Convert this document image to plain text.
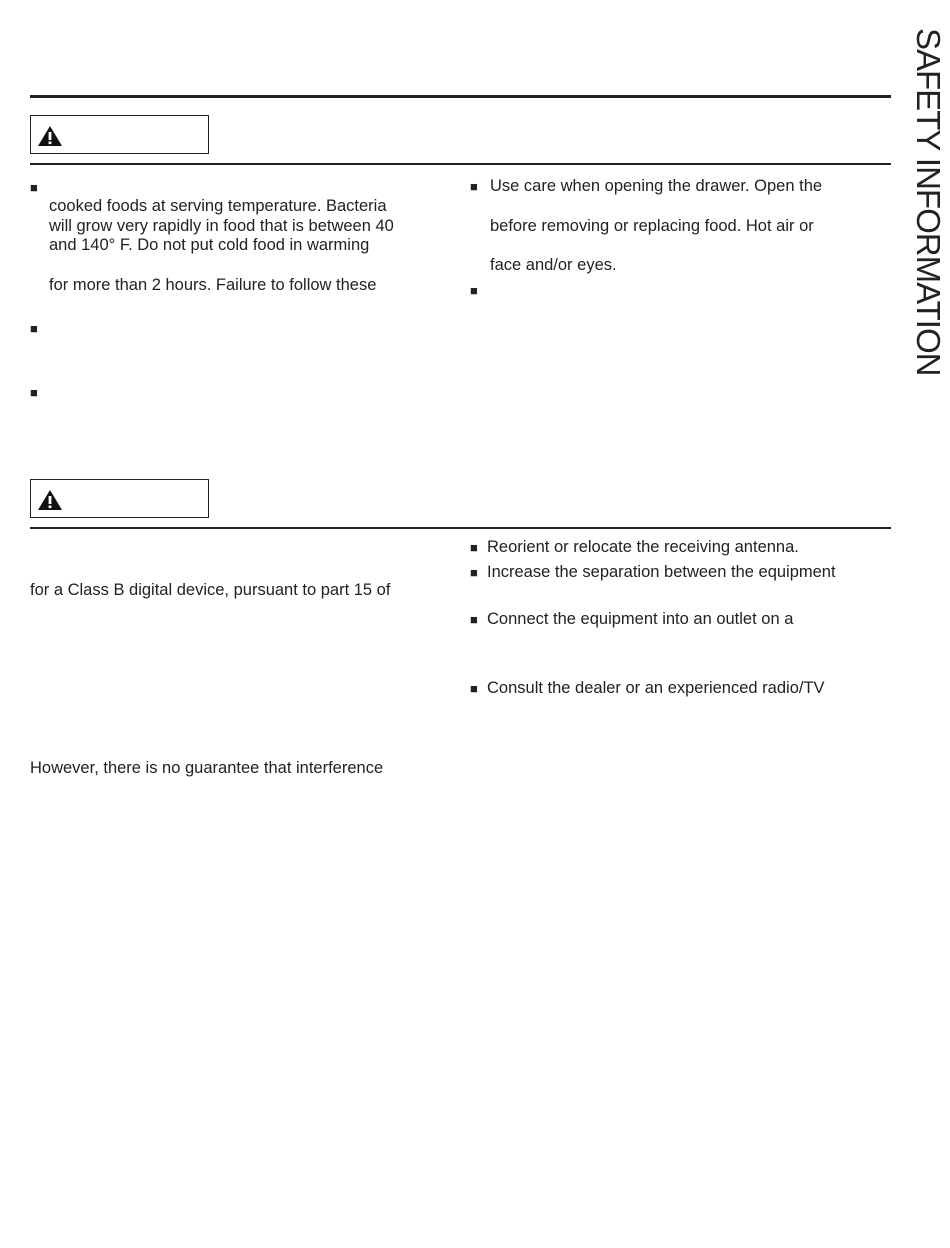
SAFETY INFORMATION
■
cooked foods at serving temperature. Bacteria
will grow very rapidly in food that is between 40
and 140° F. Do not put cold food in warming
for more than 2 hours. Failure to follow these
■
■
■ Use care when opening the drawer. Open the
before removing or replacing food. Hot air or
face and/or eyes.
■
for a Class B digital device, pursuant to part 15 of
However, there is no guarantee that interference
■ Reorient or relocate the receiving antenna.
■ Increase the separation between the equipment
■ Connect the equipment into an outlet on a
■ Consult the dealer or an experienced radio/TV
